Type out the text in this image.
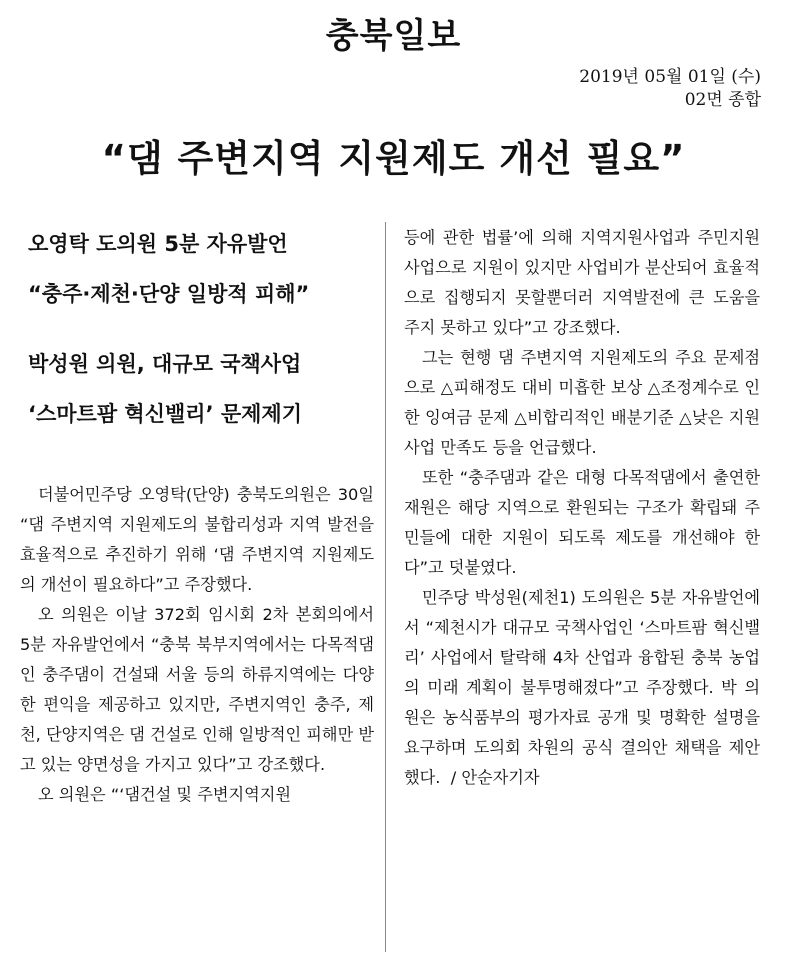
충북일보
2019년 05월 01일 (수)
02면 종합
“댐 주변지역 지원제도 개선 필요”
오영탁 도의원 5분 자유발언
“충주·제천·단양 일방적 피해”
박성원 의원, 대규모 국책사업
‘스마트팜 혁신밸리’ 문제제기

더불어민주당 오영탁(단양) 충북도의원은 30일 “댐 주변지역 지원제도의 불합리성과 지역 발전을 효율적으로 추진하기 위해 ‘댐 주변지역 지원제도의 개선이 필요하다”고 주장했다.

오 의원은 이날 372회 임시회 2차 본회의에서 5분 자유발언에서 “충북 북부지역에서는 다목적댐인 충주댐이 건설돼 서울 등의 하류지역에는 다양한 편익을 제공하고 있지만, 주변지역인 충주, 제천, 단양지역은 댐 건설로 인해 일방적인 피해만 받고 있는 양면성을 가지고 있다”고 강조했다.

오 의원은 “‘댐건설 및 주변지역지원

등에 관한 법률’에 의해 지역지원사업과 주민지원사업으로 지원이 있지만 사업비가 분산되어 효율적으로 집행되지 못할뿐더러 지역발전에 큰 도움을 주지 못하고 있다”고 강조했다.

그는 현행 댐 주변지역 지원제도의 주요 문제점으로 △피해정도 대비 미흡한 보상 △조정계수로 인한 잉여금 문제 △비합리적인 배분기준 △낮은 지원사업 만족도 등을 언급했다.

또한 “충주댐과 같은 대형 다목적댐에서 출연한 재원은 해당 지역으로 환원되는 구조가 확립돼 주민들에 대한 지원이 되도록 제도를 개선해야 한다”고 덧붙였다.

민주당 박성원(제천1) 도의원은 5분 자유발언에서 “제천시가 대규모 국책사업인 ‘스마트팜 혁신밸리’ 사업에서 탈락해 4차 산업과 융합된 충북 농업의 미래 계획이 불투명해졌다”고 주장했다. 박 의원은 농식품부의 평가자료 공개 및 명확한 설명을 요구하며 도의회 차원의 공식 결의안 채택을 제안했다. / 안순자기자
